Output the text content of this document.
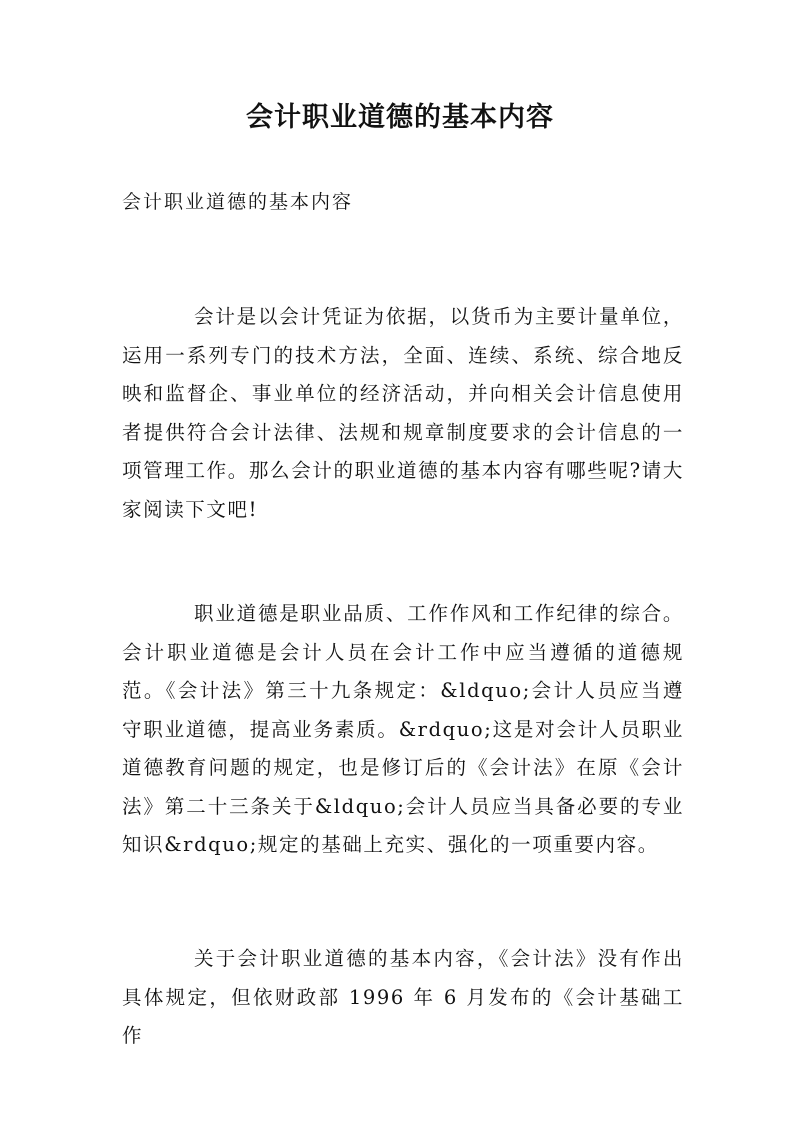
会计职业道德的基本内容

会计职业道德的基本内容

会计是以会计凭证为依据，以货币为主要计量单位，运用一系列专门的技术方法，全面、连续、系统、综合地反映和监督企、事业单位的经济活动，并向相关会计信息使用者提供符合会计法律、法规和规章制度要求的会计信息的一项管理工作。那么会计的职业道德的基本内容有哪些呢?请大家阅读下文吧!

职业道德是职业品质、工作作风和工作纪律的综合。会计职业道德是会计人员在会计工作中应当遵循的道德规范。《会计法》第三十九条规定：&ldquo;会计人员应当遵守职业道德，提高业务素质。&rdquo;这是对会计人员职业道德教育问题的规定，也是修订后的《会计法》在原《会计法》第二十三条关于&ldquo;会计人员应当具备必要的专业知识&rdquo;规定的基础上充实、强化的一项重要内容。

关于会计职业道德的基本内容，《会计法》没有作出具体规定，但依财政部 1996 年 6 月发布的《会计基础工作
